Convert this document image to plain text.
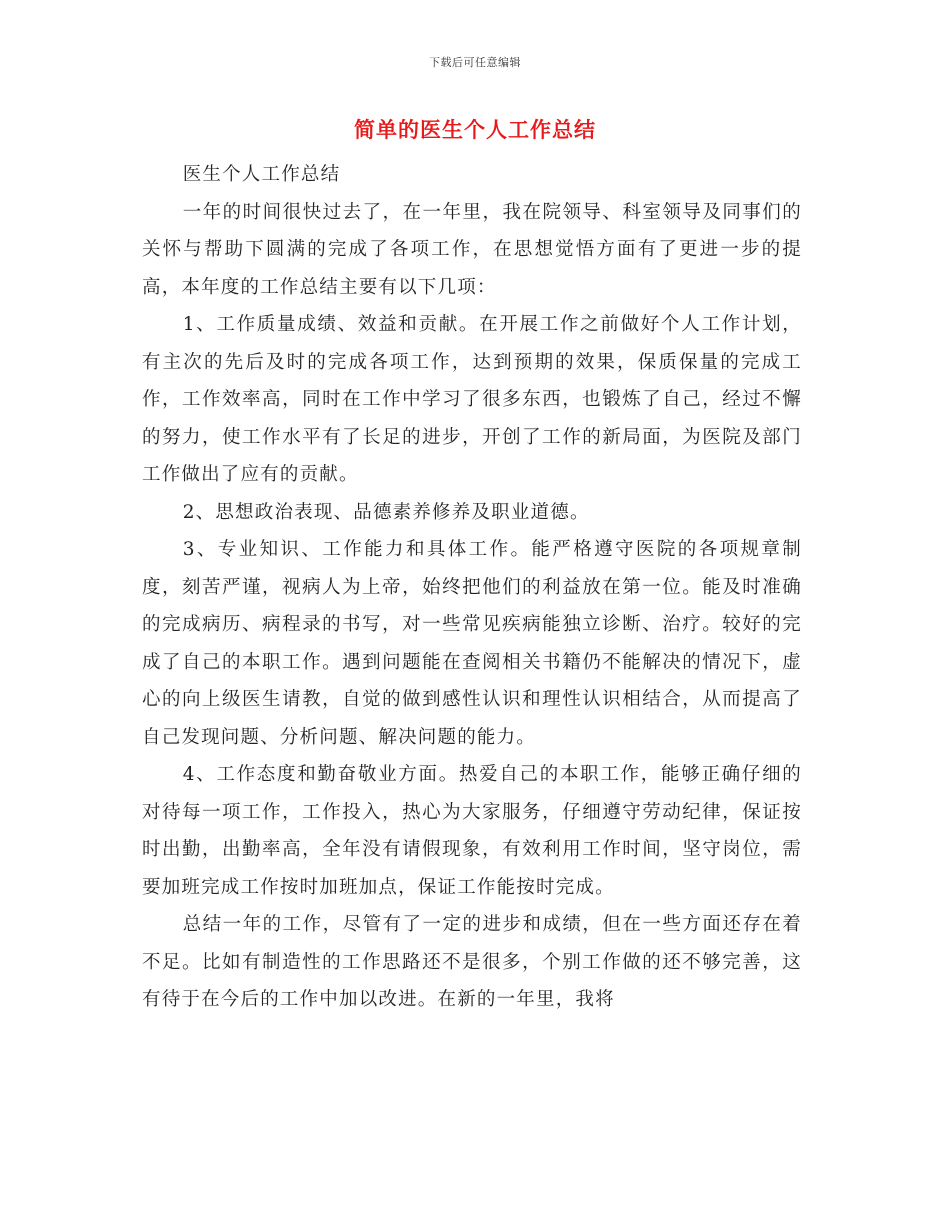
下载后可任意编辑
简单的医生个人工作总结

医生个人工作总结

一年的时间很快过去了，在一年里，我在院领导、科室领导及同事们的关怀与帮助下圆满的完成了各项工作，在思想觉悟方面有了更进一步的提高，本年度的工作总结主要有以下几项：

1、工作质量成绩、效益和贡献。在开展工作之前做好个人工作计划，有主次的先后及时的完成各项工作，达到预期的效果，保质保量的完成工作，工作效率高，同时在工作中学习了很多东西，也锻炼了自己，经过不懈的努力，使工作水平有了长足的进步，开创了工作的新局面，为医院及部门工作做出了应有的贡献。

2、思想政治表现、品德素养修养及职业道德。

3、专业知识、工作能力和具体工作。能严格遵守医院的各项规章制度，刻苦严谨，视病人为上帝，始终把他们的利益放在第一位。能及时准确的完成病历、病程录的书写，对一些常见疾病能独立诊断、治疗。较好的完成了自己的本职工作。遇到问题能在查阅相关书籍仍不能解决的情况下，虚心的向上级医生请教，自觉的做到感性认识和理性认识相结合，从而提高了自己发现问题、分析问题、解决问题的能力。

4、工作态度和勤奋敬业方面。热爱自己的本职工作，能够正确仔细的对待每一项工作，工作投入，热心为大家服务，仔细遵守劳动纪律，保证按时出勤，出勤率高，全年没有请假现象，有效利用工作时间，坚守岗位，需要加班完成工作按时加班加点，保证工作能按时完成。

总结一年的工作，尽管有了一定的进步和成绩，但在一些方面还存在着不足。比如有制造性的工作思路还不是很多，个别工作做的还不够完善，这有待于在今后的工作中加以改进。在新的一年里，我将
